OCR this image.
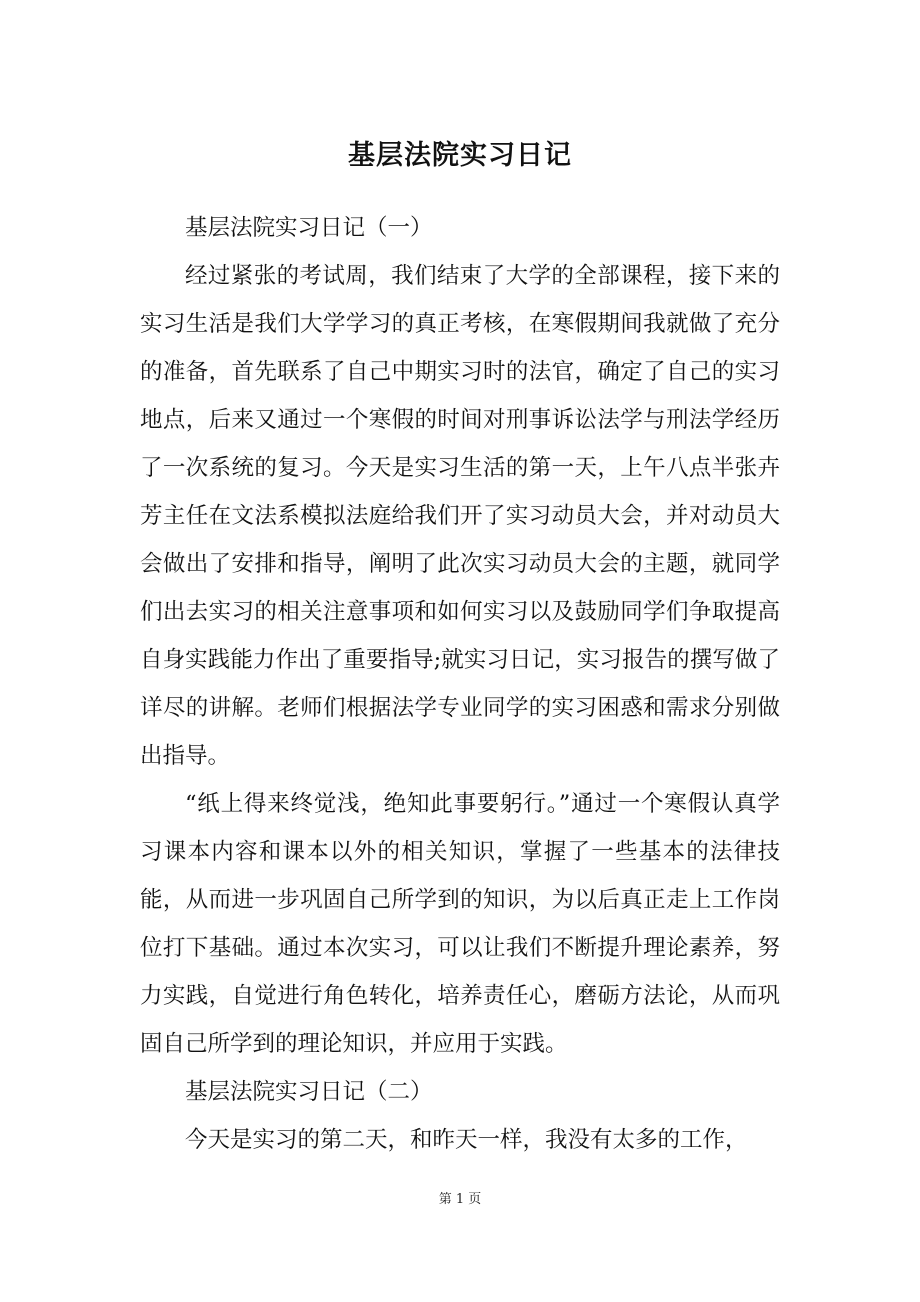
基层法院实习日记

基层法院实习日记（一）

经过紧张的考试周，我们结束了大学的全部课程，接下来的实习生活是我们大学学习的真正考核，在寒假期间我就做了充分的准备，首先联系了自己中期实习时的法官，确定了自己的实习地点，后来又通过一个寒假的时间对刑事诉讼法学与刑法学经历了一次系统的复习。今天是实习生活的第一天，上午八点半张卉芳主任在文法系模拟法庭给我们开了实习动员大会，并对动员大会做出了安排和指导，阐明了此次实习动员大会的主题，就同学们出去实习的相关注意事项和如何实习以及鼓励同学们争取提高自身实践能力作出了重要指导;就实习日记，实习报告的撰写做了详尽的讲解。老师们根据法学专业同学的实习困惑和需求分别做出指导。

“纸上得来终觉浅，绝知此事要躬行。”通过一个寒假认真学习课本内容和课本以外的相关知识，掌握了一些基本的法律技能，从而进一步巩固自己所学到的知识，为以后真正走上工作岗位打下基础。通过本次实习，可以让我们不断提升理论素养，努力实践，自觉进行角色转化，培养责任心，磨砺方法论，从而巩固自己所学到的理论知识，并应用于实践。

基层法院实习日记（二）

今天是实习的第二天，和昨天一样，我没有太多的工作，

第 1 页
